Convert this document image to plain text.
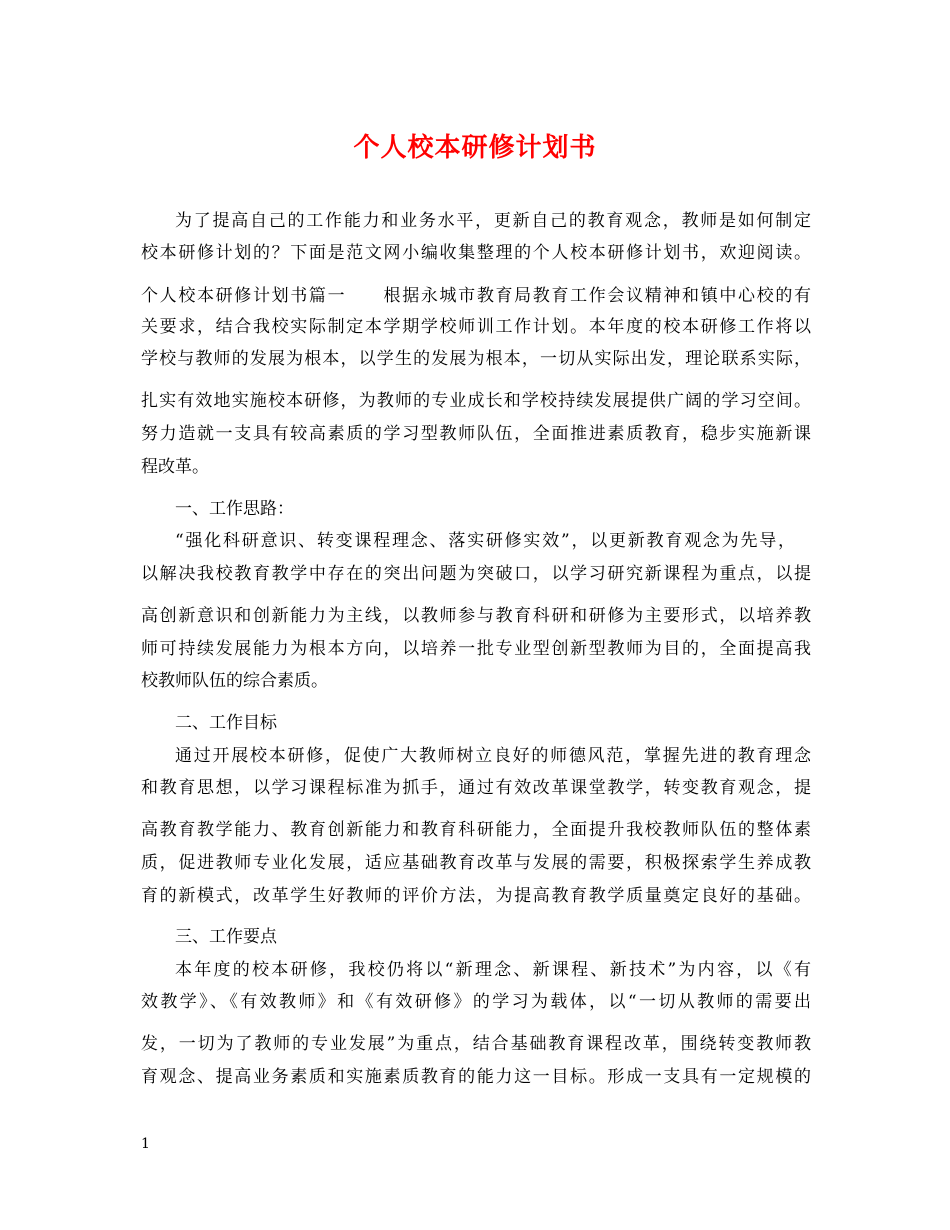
个人校本研修计划书
为了提高自己的工作能力和业务水平，更新自己的教育观念，教师是如何制定
校本研修计划的？下面是范文网小编收集整理的个人校本研修计划书，欢迎阅读。
个人校本研修计划书篇一　　根据永城市教育局教育工作会议精神和镇中心校的有
关要求，结合我校实际制定本学期学校师训工作计划。本年度的校本研修工作将以
学校与教师的发展为根本，以学生的发展为根本，一切从实际出发，理论联系实际，
扎实有效地实施校本研修，为教师的专业成长和学校持续发展提供广阔的学习空间。
努力造就一支具有较高素质的学习型教师队伍，全面推进素质教育，稳步实施新课
程改革。
一、工作思路：
“强化科研意识、转变课程理念、落实研修实效”，以更新教育观念为先导，
以解决我校教育教学中存在的突出问题为突破口，以学习研究新课程为重点，以提
高创新意识和创新能力为主线，以教师参与教育科研和研修为主要形式，以培养教
师可持续发展能力为根本方向，以培养一批专业型创新型教师为目的，全面提高我
校教师队伍的综合素质。
二、工作目标
通过开展校本研修，促使广大教师树立良好的师德风范，掌握先进的教育理念
和教育思想，以学习课程标准为抓手，通过有效改革课堂教学，转变教育观念，提
高教育教学能力、教育创新能力和教育科研能力，全面提升我校教师队伍的整体素
质，促进教师专业化发展，适应基础教育改革与发展的需要，积极探索学生养成教
育的新模式，改革学生好教师的评价方法，为提高教育教学质量奠定良好的基础。
三、工作要点
本年度的校本研修，我校仍将以“新理念、新课程、新技术”为内容，以《有
效教学》、《有效教师》和《有效研修》的学习为载体，以“一切从教师的需要出
发，一切为了教师的专业发展”为重点，结合基础教育课程改革，围绕转变教师教
育观念、提高业务素质和实施素质教育的能力这一目标。形成一支具有一定规模的
1
